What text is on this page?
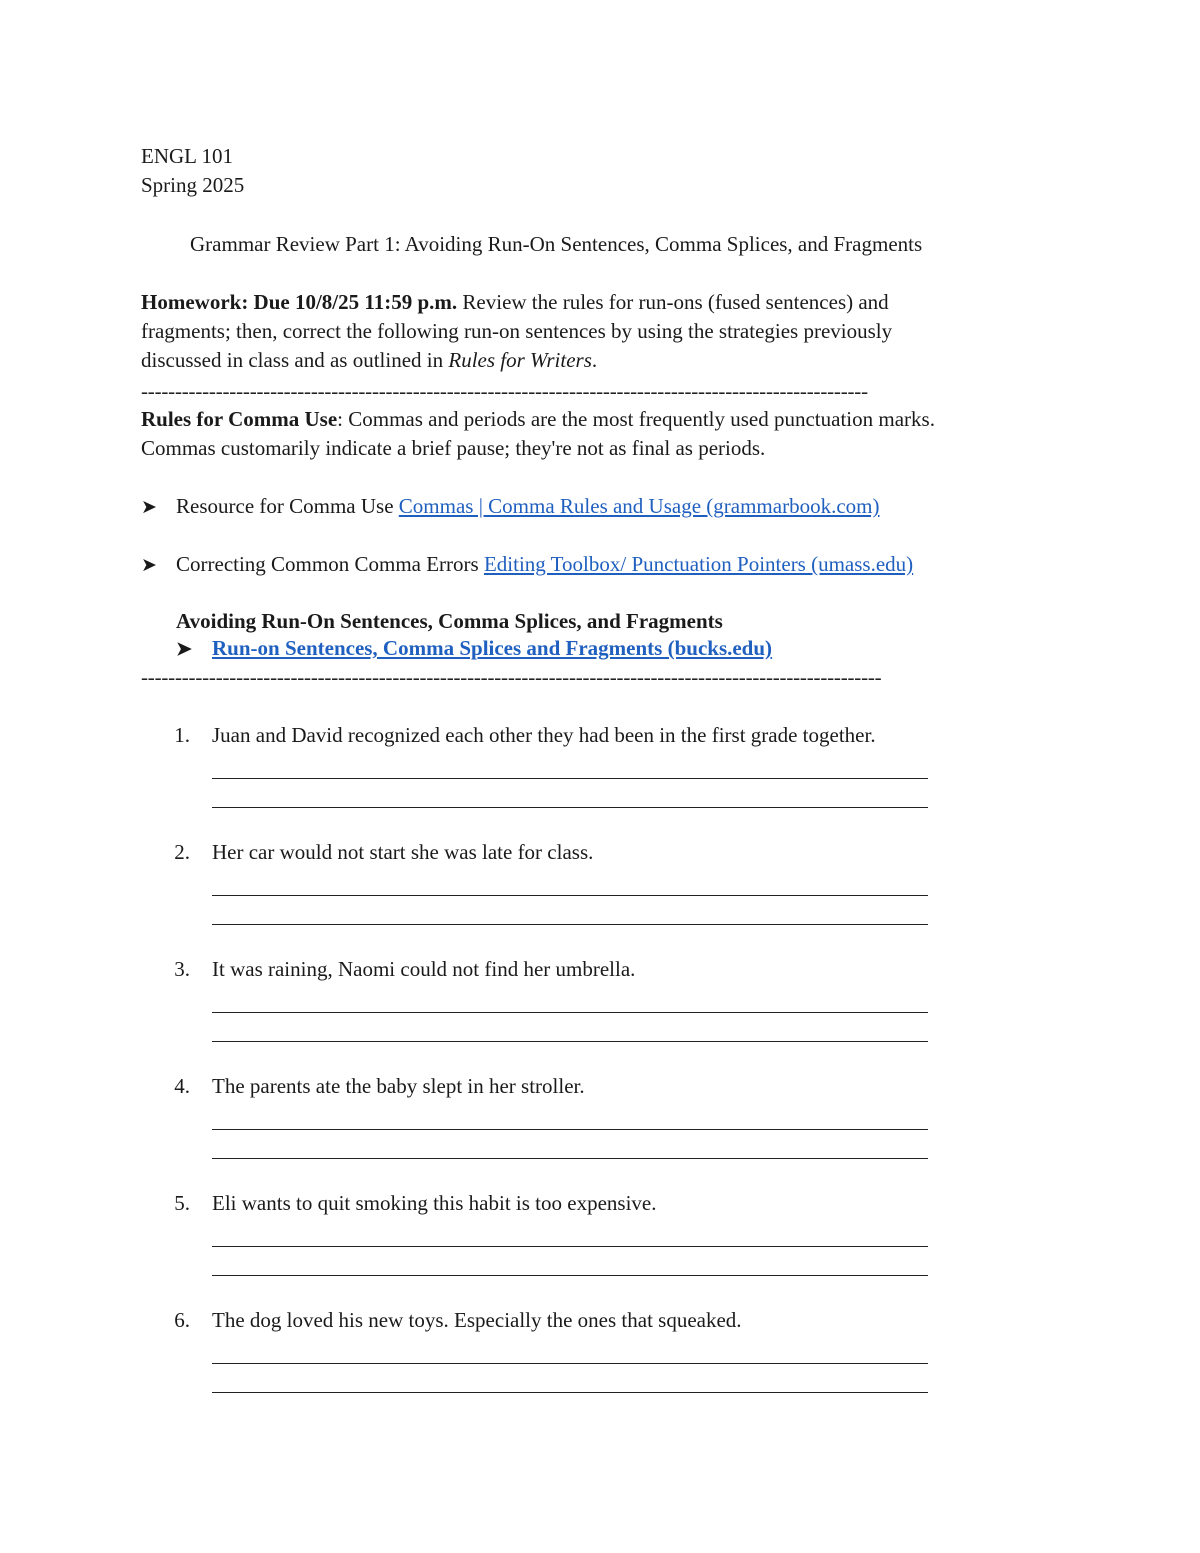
ENGL 101
Spring 2025
Grammar Review Part 1: Avoiding Run-On Sentences, Comma Splices, and Fragments
Homework: Due 10/8/25 11:59 p.m. Review the rules for run-ons (fused sentences) and
fragments; then, correct the following run-on sentences by using the strategies previously
discussed in class and as outlined in Rules for Writers.
-----------------------------------------------------------------------------------------------------------
Rules for Comma Use: Commas and periods are the most frequently used punctuation marks.
Commas customarily indicate a brief pause; they're not as final as periods.
➤ Resource for Comma Use Commas | Comma Rules and Usage (grammarbook.com)
➤ Correcting Common Comma Errors Editing Toolbox/ Punctuation Pointers (umass.edu)
Avoiding Run-On Sentences, Comma Splices, and Fragments
➤ Run-on Sentences, Comma Splices and Fragments (bucks.edu)
-------------------------------------------------------------------------------------------------------------
1. Juan and David recognized each other they had been in the first grade together.
2. Her car would not start she was late for class.
3. It was raining, Naomi could not find her umbrella.
4. The parents ate the baby slept in her stroller.
5. Eli wants to quit smoking this habit is too expensive.
6. The dog loved his new toys. Especially the ones that squeaked.
